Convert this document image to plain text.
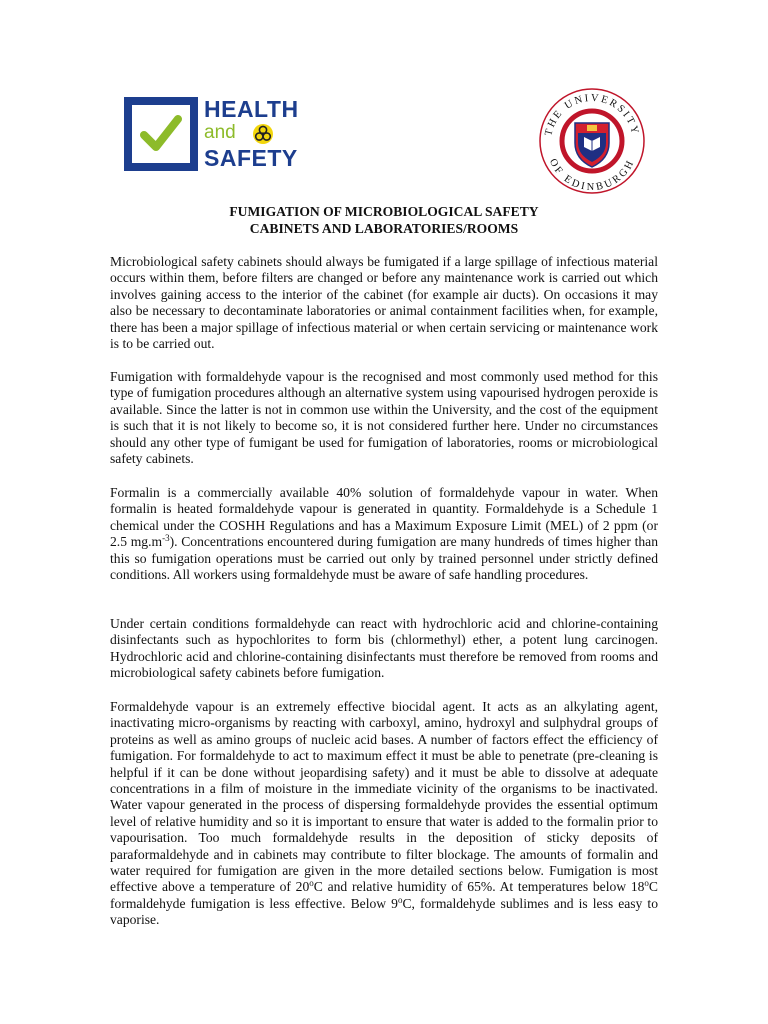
HEALTH
and
SAFETY
THE UNIVERSITY
OF EDINBURGH
FUMIGATION OF MICROBIOLOGICAL SAFETY
CABINETS AND LABORATORIES/ROOMS

Microbiological safety cabinets should always be fumigated if a large spillage of infectious material occurs within them, before filters are changed or before any maintenance work is carried out which involves gaining access to the interior of the cabinet (for example air ducts). On occasions it may also be necessary to decontaminate laboratories or animal containment facilities when, for example, there has been a major spillage of infectious material or when certain servicing or maintenance work is to be carried out.

Fumigation with formaldehyde vapour is the recognised and most commonly used method for this type of fumigation procedures although an alternative system using vapourised hydrogen peroxide is available. Since the latter is not in common use within the University, and the cost of the equipment is such that it is not likely to become so, it is not considered further here. Under no circumstances should any other type of fumigant be used for fumigation of laboratories, rooms or microbiological safety cabinets.

Formalin is a commercially available 40% solution of formaldehyde vapour in water. When formalin is heated formaldehyde vapour is generated in quantity. Formaldehyde is a Schedule 1 chemical under the COSHH Regulations and has a Maximum Exposure Limit (MEL) of 2 ppm (or 2.5 $mg.m^{-3}$). Concentrations encountered during fumigation are many hundreds of times higher than this so fumigation operations must be carried out only by trained personnel under strictly defined conditions. All workers using formaldehyde must be aware of safe handling procedures.

Under certain conditions formaldehyde can react with hydrochloric acid and chlorine-containing disinfectants such as hypochlorites to form bis (chlormethyl) ether, a potent lung carcinogen. Hydrochloric acid and chlorine-containing disinfectants must therefore be removed from rooms and microbiological safety cabinets before fumigation.

Formaldehyde vapour is an extremely effective biocidal agent. It acts as an alkylating agent, inactivating micro-organisms by reacting with carboxyl, amino, hydroxyl and sulphydral groups of proteins as well as amino groups of nucleic acid bases. A number of factors effect the efficiency of fumigation. For formaldehyde to act to maximum effect it must be able to penetrate (pre-cleaning is helpful if it can be done without jeopardising safety) and it must be able to dissolve at adequate concentrations in a film of moisture in the immediate vicinity of the organisms to be inactivated. Water vapour generated in the process of dispersing formaldehyde provides the essential optimum level of relative humidity and so it is important to ensure that water is added to the formalin prior to vapourisation. Too much formaldehyde results in the deposition of sticky deposits of paraformaldehyde and in cabinets may contribute to filter blockage. The amounts of formalin and water required for fumigation are given in the more detailed sections below. Fumigation is most effective above a temperature of 20$^o$C and relative humidity of 65%. At temperatures below 18$^o$C formaldehyde fumigation is less effective. Below 9$^o$C, formaldehyde sublimes and is less easy to vaporise.
